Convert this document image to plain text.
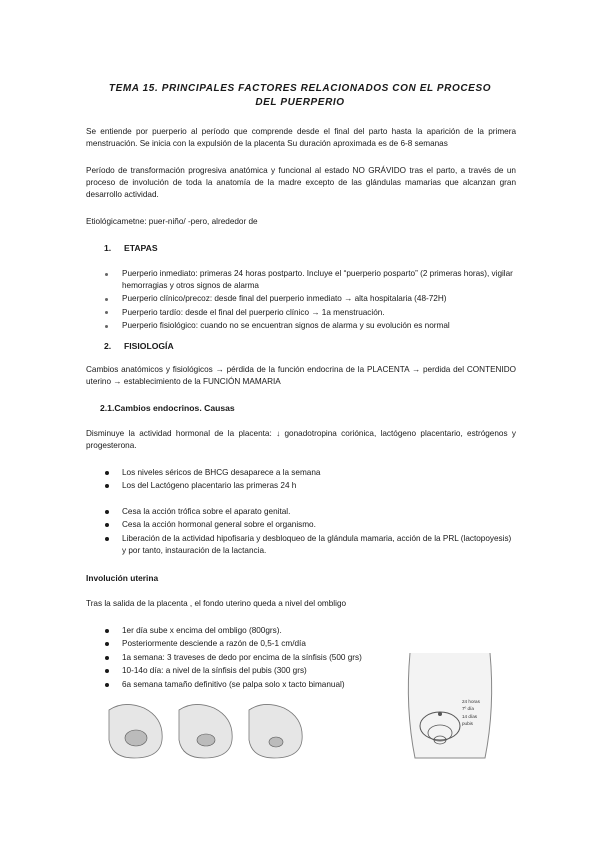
TEMA 15. PRINCIPALES FACTORES RELACIONADOS CON EL PROCESO DEL PUERPERIO

Se entiende por puerperio al período que comprende desde el final del parto hasta la aparición de la primera menstruación. Se inicia con la expulsión de la placenta Su duración aproximada es de 6-8 semanas

Período de transformación progresiva anatómica y funcional al estado NO GRÁVIDO tras el parto, a través de un proceso de involución de toda la anatomía de la madre excepto de las glándulas mamarias que alcanzan gran desarrollo actividad.

Etiológicametne: puer-niño/ -pero, alrededor de

1. ETAPAS
Puerperio inmediato: primeras 24 horas postparto. Incluye el “puerperio posparto” (2 primeras horas), vigilar hemorragias y otros signos de alarma
Puerperio clínico/precoz: desde final del puerperio inmediato → alta hospitalaria (48-72H)
Puerperio tardío: desde el final del puerperio clínico → 1a menstruación.
Puerperio fisiológico: cuando no se encuentran signos de alarma y su evolución es normal
2. FISIOLOGÍA

Cambios anatómicos y fisiológicos → pérdida de la función endocrina de la PLACENTA → perdida del CONTENIDO uterino → establecimiento de la FUNCIÓN MAMARIA

2.1.Cambios endocrinos. Causas

Disminuye la actividad hormonal de la placenta: ↓ gonadotropina coriónica, lactógeno placentario, estrógenos y progesterona.

Los niveles séricos de BHCG desaparece a la semana
Los del Lactógeno placentario las primeras 24 h
Cesa la acción trófica sobre el aparato genital.
Cesa la acción hormonal general sobre el organismo.
Liberación de la actividad hipofisaria y desbloqueo de la glándula mamaria, acción de la PRL (lactopoyesis) y por tanto, instauración de la lactancia.
Involución uterina

Tras la salida de la placenta , el fondo uterino queda a nivel del ombligo

1er día sube x encima del ombligo (800grs).
Posteriormente desciende a razón de 0,5-1 cm/día
1a semana: 3 traveses de dedo por encima de la sínfisis (500 grs)
10-14o día: a nivel de la sínfisis del pubis (300 grs)
6a semana tamaño definitivo (se palpa solo x tacto bimanual)
24 horas
7º día
14 días
pubis
